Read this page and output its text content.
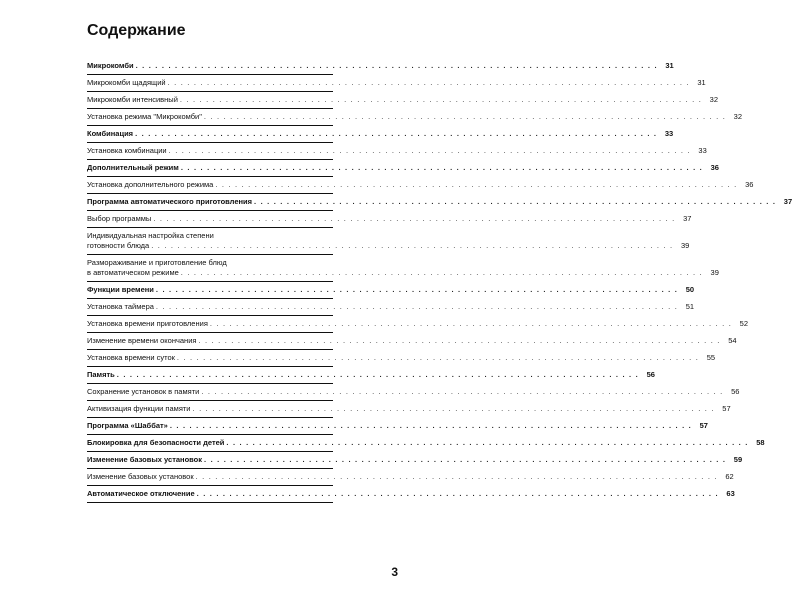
Содержание
Микрокомби . . . . . . . . . . . . . . . . . . . . . . . . . . . . . . . . . . . . . . . . . . . . . . . . . . . . . . . . . . . . . . . . . . . . . . . . . . . . . . . .	31
Микрокомби щадящий . . . . . . . . . . . . . . . . . . . . . . . . . . . . . . . . . . . . . . . . . . . . . . . . . . . . . . . . . . . . . . . . . . . . . . . . . . . . . . . .	31
Микрокомби интенсивный . . . . . . . . . . . . . . . . . . . . . . . . . . . . . . . . . . . . . . . . . . . . . . . . . . . . . . . . . . . . . . . . . . . . . . . . . . . . . . . .	32
Установка режима "Микрокомби" . . . . . . . . . . . . . . . . . . . . . . . . . . . . . . . . . . . . . . . . . . . . . . . . . . . . . . . . . . . . . . . . . . . . . . . . . . . . . . . .	32
Комбинация . . . . . . . . . . . . . . . . . . . . . . . . . . . . . . . . . . . . . . . . . . . . . . . . . . . . . . . . . . . . . . . . . . . . . . . . . . . . . . . .	33
Установка комбинации . . . . . . . . . . . . . . . . . . . . . . . . . . . . . . . . . . . . . . . . . . . . . . . . . . . . . . . . . . . . . . . . . . . . . . . . . . . . . . . .	33
Дополнительный режим . . . . . . . . . . . . . . . . . . . . . . . . . . . . . . . . . . . . . . . . . . . . . . . . . . . . . . . . . . . . . . . . . . . . . . . . . . . . . . . .	36
Установка дополнительного режима . . . . . . . . . . . . . . . . . . . . . . . . . . . . . . . . . . . . . . . . . . . . . . . . . . . . . . . . . . . . . . . . . . . . . . . . . . . . . . . .	36
Программа автоматического приготовления . . . . . . . . . . . . . . . . . . . . . . . . . . . . . . . . . . . . . . . . . . . . . . . . . . . . . . . . . . . . . . . . . . . . . . . . . . . . . . . .	37
Выбор программы . . . . . . . . . . . . . . . . . . . . . . . . . . . . . . . . . . . . . . . . . . . . . . . . . . . . . . . . . . . . . . . . . . . . . . . . . . . . . . . .	37
Индивидуальная настройка степени
готовности блюда . . . . . . . . . . . . . . . . . . . . . . . . . . . . . . . . . . . . . . . . . . . . . . . . . . . . . . . . . . . . . . . . . . . . . . . . . . . . . . . .	39
Размораживание и приготовление блюд
в автоматическом режиме . . . . . . . . . . . . . . . . . . . . . . . . . . . . . . . . . . . . . . . . . . . . . . . . . . . . . . . . . . . . . . . . . . . . . . . . . . . . . . . .	39
Функции времени . . . . . . . . . . . . . . . . . . . . . . . . . . . . . . . . . . . . . . . . . . . . . . . . . . . . . . . . . . . . . . . . . . . . . . . . . . . . . . . .	50
Установка таймера . . . . . . . . . . . . . . . . . . . . . . . . . . . . . . . . . . . . . . . . . . . . . . . . . . . . . . . . . . . . . . . . . . . . . . . . . . . . . . . .	51
Установка времени приготовления . . . . . . . . . . . . . . . . . . . . . . . . . . . . . . . . . . . . . . . . . . . . . . . . . . . . . . . . . . . . . . . . . . . . . . . . . . . . . . . .	52
Изменение времени окончания . . . . . . . . . . . . . . . . . . . . . . . . . . . . . . . . . . . . . . . . . . . . . . . . . . . . . . . . . . . . . . . . . . . . . . . . . . . . . . . .	54
Установка времени суток . . . . . . . . . . . . . . . . . . . . . . . . . . . . . . . . . . . . . . . . . . . . . . . . . . . . . . . . . . . . . . . . . . . . . . . . . . . . . . . .	55
Память . . . . . . . . . . . . . . . . . . . . . . . . . . . . . . . . . . . . . . . . . . . . . . . . . . . . . . . . . . . . . . . . . . . . . . . . . . . . . . . .	56
Сохранение установок в памяти . . . . . . . . . . . . . . . . . . . . . . . . . . . . . . . . . . . . . . . . . . . . . . . . . . . . . . . . . . . . . . . . . . . . . . . . . . . . . . . .	56
Активизация функции памяти . . . . . . . . . . . . . . . . . . . . . . . . . . . . . . . . . . . . . . . . . . . . . . . . . . . . . . . . . . . . . . . . . . . . . . . . . . . . . . . .	57
Программа «Шаббат» . . . . . . . . . . . . . . . . . . . . . . . . . . . . . . . . . . . . . . . . . . . . . . . . . . . . . . . . . . . . . . . . . . . . . . . . . . . . . . . .	57
Блокировка для безопасности детей . . . . . . . . . . . . . . . . . . . . . . . . . . . . . . . . . . . . . . . . . . . . . . . . . . . . . . . . . . . . . . . . . . . . . . . . . . . . . . . .	58
Изменение базовых установок . . . . . . . . . . . . . . . . . . . . . . . . . . . . . . . . . . . . . . . . . . . . . . . . . . . . . . . . . . . . . . . . . . . . . . . . . . . . . . . .	59
Изменение базовых установок . . . . . . . . . . . . . . . . . . . . . . . . . . . . . . . . . . . . . . . . . . . . . . . . . . . . . . . . . . . . . . . . . . . . . . . . . . . . . . . .	62
Автоматическое отключение . . . . . . . . . . . . . . . . . . . . . . . . . . . . . . . . . . . . . . . . . . . . . . . . . . . . . . . . . . . . . . . . . . . . . . . . . . . . . . . .	63
3
